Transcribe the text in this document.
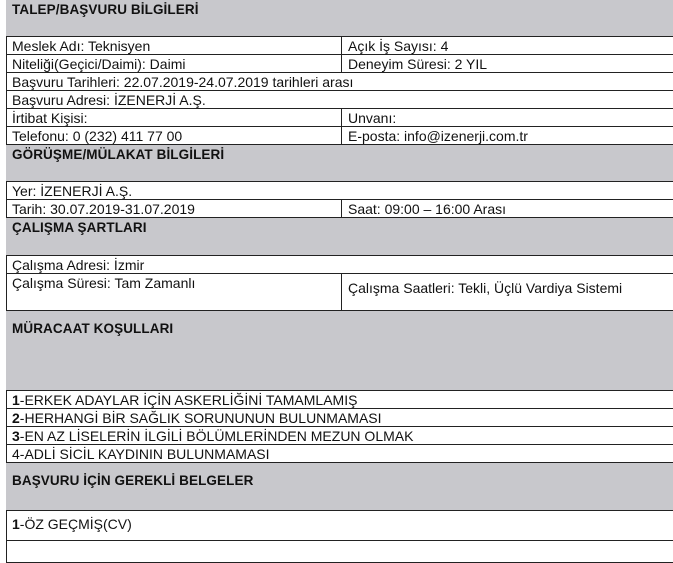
TALEP/BAŞVURU BİLGİLERİ
Meslek Adı: Teknisyen	Açık İş Sayısı: 4
Niteliği(Geçici/Daimi): Daimi	Deneyim Süresi: 2 YIL
Başvuru Tarihleri: 22.07.2019-24.07.2019 tarihleri arası
Başvuru Adresi: İZENERJİ A.Ş.
İrtibat Kişisi:	Unvanı:
Telefonu: 0 (232) 411 77 00	E-posta: info@izenerji.com.tr
GÖRÜŞME/MÜLAKAT BİLGİLERİ
Yer: İZENERJİ A.Ş.
Tarih: 30.07.2019-31.07.2019	Saat: 09:00 – 16:00 Arası
ÇALIŞMA ŞARTLARI
Çalışma Adresi: İzmir
Çalışma Süresi: Tam Zamanlı	Çalışma Saatleri: Tekli, Üçlü Vardiya Sistemi
MÜRACAAT KOŞULLARI
1-ERKEK ADAYLAR İÇİN ASKERLİĞİNİ TAMAMLAMIŞ
2-HERHANGİ BİR SAĞLIK SORUNUNUN BULUNMAMASI
3-EN AZ LİSELERİN İLGİLİ BÖLÜMLERİNDEN MEZUN OLMAK
4-ADLİ SİCİL KAYDININ BULUNMAMASI
BAŞVURU İÇİN GEREKLİ BELGELER
1-ÖZ GEÇMİŞ(CV)
